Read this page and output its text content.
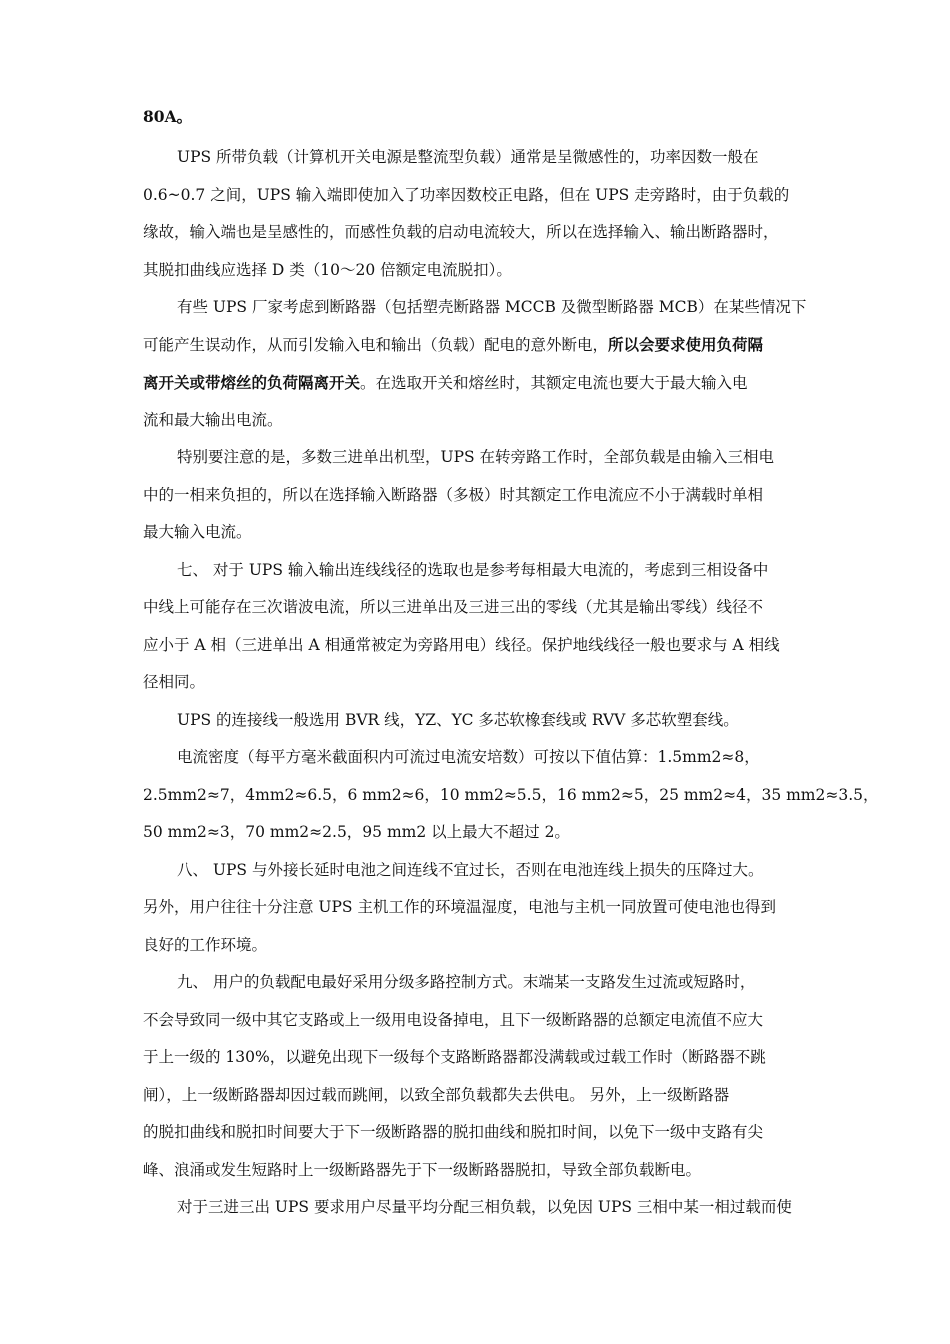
80A。
UPS 所带负载（计算机开关电源是整流型负载）通常是呈微感性的，功率因数一般在
0.6~0.7 之间，UPS 输入端即使加入了功率因数校正电路，但在 UPS 走旁路时，由于负载的
缘故，输入端也是呈感性的，而感性负载的启动电流较大，所以在选择输入、输出断路器时，
其脱扣曲线应选择 D 类（10～20 倍额定电流脱扣）。
有些 UPS 厂家考虑到断路器（包括塑壳断路器 MCCB 及微型断路器 MCB）在某些情况下
可能产生误动作，从而引发输入电和输出（负载）配电的意外断电，所以会要求使用负荷隔
离开关或带熔丝的负荷隔离开关。在选取开关和熔丝时，其额定电流也要大于最大输入电
流和最大输出电流。
特别要注意的是，多数三进单出机型，UPS 在转旁路工作时，全部负载是由输入三相电
中的一相来负担的，所以在选择输入断路器（多极）时其额定工作电流应不小于满载时单相
最大输入电流。
七、 对于 UPS 输入输出连线线径的选取也是参考每相最大电流的，考虑到三相设备中
中线上可能存在三次谐波电流，所以三进单出及三进三出的零线（尤其是输出零线）线径不
应小于 A 相（三进单出 A 相通常被定为旁路用电）线径。保护地线线径一般也要求与 A 相线
径相同。
UPS 的连接线一般选用 BVR 线，YZ、YC 多芯软橡套线或 RVV 多芯软塑套线。
电流密度（每平方毫米截面积内可流过电流安培数）可按以下值估算：1.5mm2≈8，
2.5mm2≈7，4mm2≈6.5，6 mm2≈6，10 mm2≈5.5，16 mm2≈5，25 mm2≈4，35 mm2≈3.5，
50 mm2≈3，70 mm2≈2.5，95 mm2 以上最大不超过 2。
八、 UPS 与外接长延时电池之间连线不宜过长，否则在电池连线上损失的压降过大。
另外，用户往往十分注意 UPS 主机工作的环境温湿度，电池与主机一同放置可使电池也得到
良好的工作环境。
九、 用户的负载配电最好采用分级多路控制方式。末端某一支路发生过流或短路时，
不会导致同一级中其它支路或上一级用电设备掉电，且下一级断路器的总额定电流值不应大
于上一级的 130%，以避免出现下一级每个支路断路器都没满载或过载工作时（断路器不跳
闸），上一级断路器却因过载而跳闸，以致全部负载都失去供电。 另外，上一级断路器
的脱扣曲线和脱扣时间要大于下一级断路器的脱扣曲线和脱扣时间，以免下一级中支路有尖
峰、浪涌或发生短路时上一级断路器先于下一级断路器脱扣，导致全部负载断电。
对于三进三出 UPS 要求用户尽量平均分配三相负载，以免因 UPS 三相中某一相过载而使
